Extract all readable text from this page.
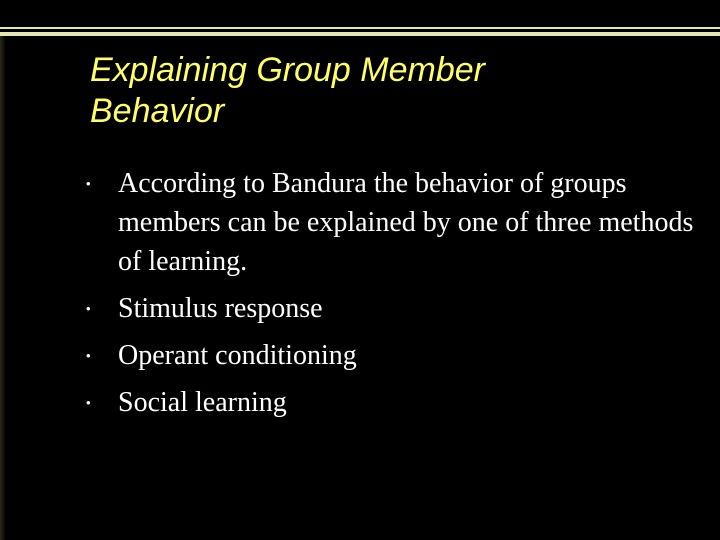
Explaining Group Member
Behavior
• According to Bandura the behavior of groups members can be explained by one of three methods of learning.
• Stimulus response
• Operant conditioning
• Social learning
